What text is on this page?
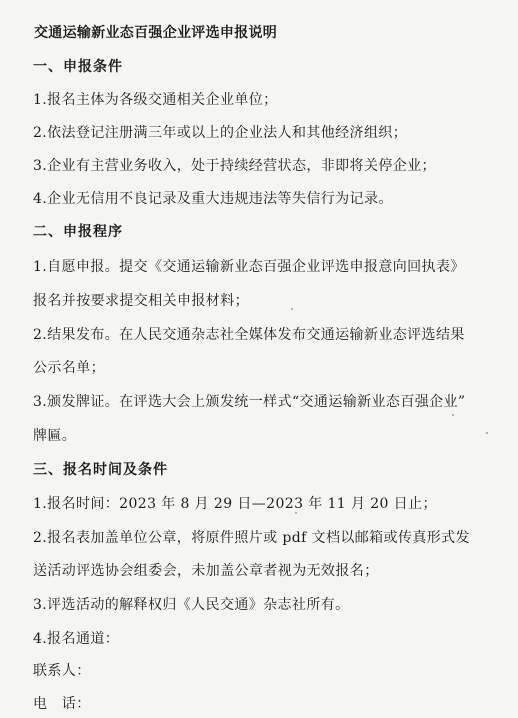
交通运输新业态百强企业评选申报说明
一、申报条件
1.报名主体为各级交通相关企业单位；
2.依法登记注册满三年或以上的企业法人和其他经济组织；
3.企业有主营业务收入，处于持续经营状态，非即将关停企业；
4.企业无信用不良记录及重大违规违法等失信行为记录。
二、申报程序
1.自愿申报。提交《交通运输新业态百强企业评选申报意向回执表》
报名并按要求提交相关申报材料；
2.结果发布。在人民交通杂志社全媒体发布交通运输新业态评选结果
公示名单；
3.颁发牌证。在评选大会上颁发统一样式“交通运输新业态百强企业”
牌匾。
三、报名时间及条件
1.报名时间：2023 年 8 月 29 日—2023 年 11 月 20 日止；
2.报名表加盖单位公章，将原件照片或 pdf 文档以邮箱或传真形式发
送活动评选协会组委会，未加盖公章者视为无效报名；
3.评选活动的解释权归《人民交通》杂志社所有。
4.报名通道：
联系人：
电　话：
